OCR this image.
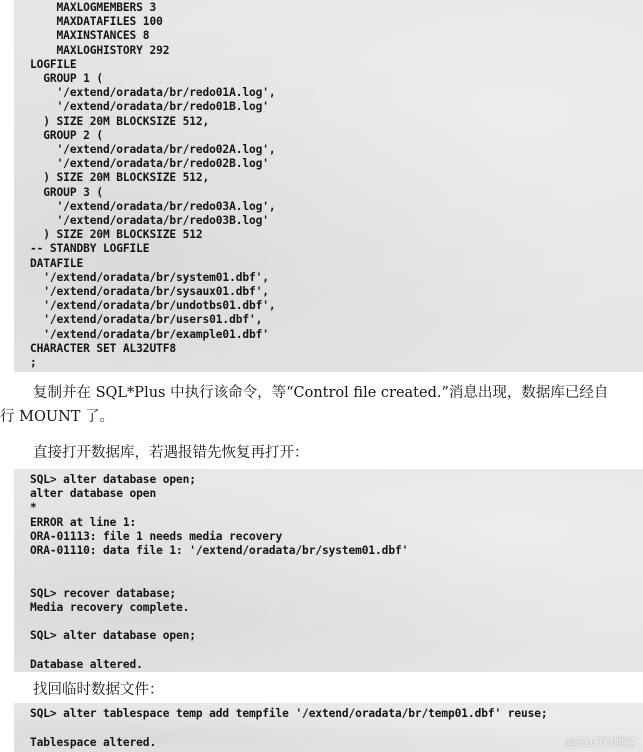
MAXLOGMEMBERS 3
MAXDATAFILES 100
MAXINSTANCES 8
MAXLOGHISTORY 292
LOGFILE
GROUP 1 (
'/extend/oradata/br/redo01A.log',
'/extend/oradata/br/redo01B.log'
) SIZE 20M BLOCKSIZE 512,
GROUP 2 (
'/extend/oradata/br/redo02A.log',
'/extend/oradata/br/redo02B.log'
) SIZE 20M BLOCKSIZE 512,
GROUP 3 (
'/extend/oradata/br/redo03A.log',
'/extend/oradata/br/redo03B.log'
) SIZE 20M BLOCKSIZE 512
-- STANDBY LOGFILE
DATAFILE
'/extend/oradata/br/system01.dbf',
'/extend/oradata/br/sysaux01.dbf',
'/extend/oradata/br/undotbs01.dbf',
'/extend/oradata/br/users01.dbf',
'/extend/oradata/br/example01.dbf'
CHARACTER SET AL32UTF8
;
复制并在 SQL*Plus 中执行该命令，等“Control file created.”消息出现，数据库已经自
行 MOUNT 了。
直接打开数据库，若遇报错先恢复再打开：
SQL> alter database open;
alter database open
*
ERROR at line 1:
ORA-01113: file 1 needs media recovery
ORA-01110: data file 1: '/extend/oradata/br/system01.dbf'
SQL> recover database;
Media recovery complete.
SQL> alter database open;
Database altered.
找回临时数据文件：
SQL> alter tablespace temp add tempfile '/extend/oradata/br/temp01.dbf' reuse;
Tablespace altered.	@51CTO博客
